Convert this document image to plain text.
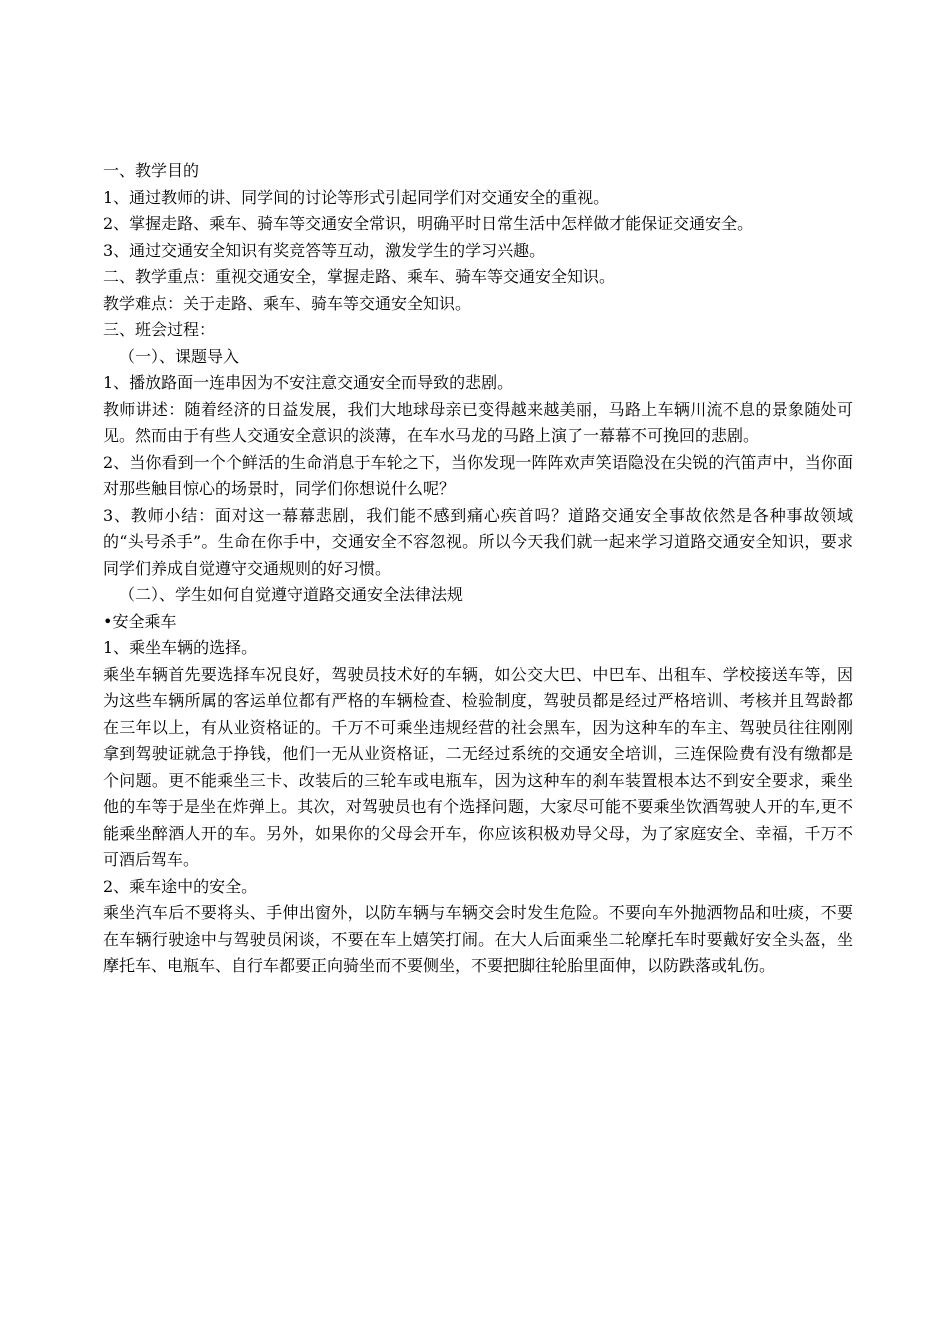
一、教学目的

1、通过教师的讲、同学间的讨论等形式引起同学们对交通安全的重视。

2、掌握走路、乘车、骑车等交通安全常识，明确平时日常生活中怎样做才能保证交通安全。

3、通过交通安全知识有奖竞答等互动，激发学生的学习兴趣。

二、教学重点：重视交通安全，掌握走路、乘车、骑车等交通安全知识。

教学难点：关于走路、乘车、骑车等交通安全知识。

三、班会过程：

（一）、课题导入

1、播放路面一连串因为不安注意交通安全而导致的悲剧。

教师讲述：随着经济的日益发展，我们大地球母亲已变得越来越美丽，马路上车辆川流不息的景象随处可见。然而由于有些人交通安全意识的淡薄，在车水马龙的马路上演了一幕幕不可挽回的悲剧。

2、当你看到一个个鲜活的生命消息于车轮之下，当你发现一阵阵欢声笑语隐没在尖锐的汽笛声中，当你面对那些触目惊心的场景时，同学们你想说什么呢？

3、教师小结：面对这一幕幕悲剧，我们能不感到痛心疾首吗？道路交通安全事故依然是各种事故领域的“头号杀手”。生命在你手中，交通安全不容忽视。所以今天我们就一起来学习道路交通安全知识，要求同学们养成自觉遵守交通规则的好习惯。

（二）、学生如何自觉遵守道路交通安全法律法规

•安全乘车

1、乘坐车辆的选择。

乘坐车辆首先要选择车况良好，驾驶员技术好的车辆，如公交大巴、中巴车、出租车、学校接送车等，因为这些车辆所属的客运单位都有严格的车辆检查、检验制度，驾驶员都是经过严格培训、考核并且驾龄都在三年以上，有从业资格证的。千万不可乘坐违规经营的社会黑车，因为这种车的车主、驾驶员往往刚刚拿到驾驶证就急于挣钱，他们一无从业资格证，二无经过系统的交通安全培训，三连保险费有没有缴都是个问题。更不能乘坐三卡、改装后的三轮车或电瓶车，因为这种车的刹车装置根本达不到安全要求，乘坐他的车等于是坐在炸弹上。其次，对驾驶员也有个选择问题，大家尽可能不要乘坐饮酒驾驶人开的车,更不能乘坐醉酒人开的车。另外，如果你的父母会开车，你应该积极劝导父母，为了家庭安全、幸福，千万不可酒后驾车。

2、乘车途中的安全。

乘坐汽车后不要将头、手伸出窗外，以防车辆与车辆交会时发生危险。不要向车外抛洒物品和吐痰，不要在车辆行驶途中与驾驶员闲谈，不要在车上嬉笑打闹。在大人后面乘坐二轮摩托车时要戴好安全头盔，坐摩托车、电瓶车、自行车都要正向骑坐而不要侧坐，不要把脚往轮胎里面伸，以防跌落或轧伤。
